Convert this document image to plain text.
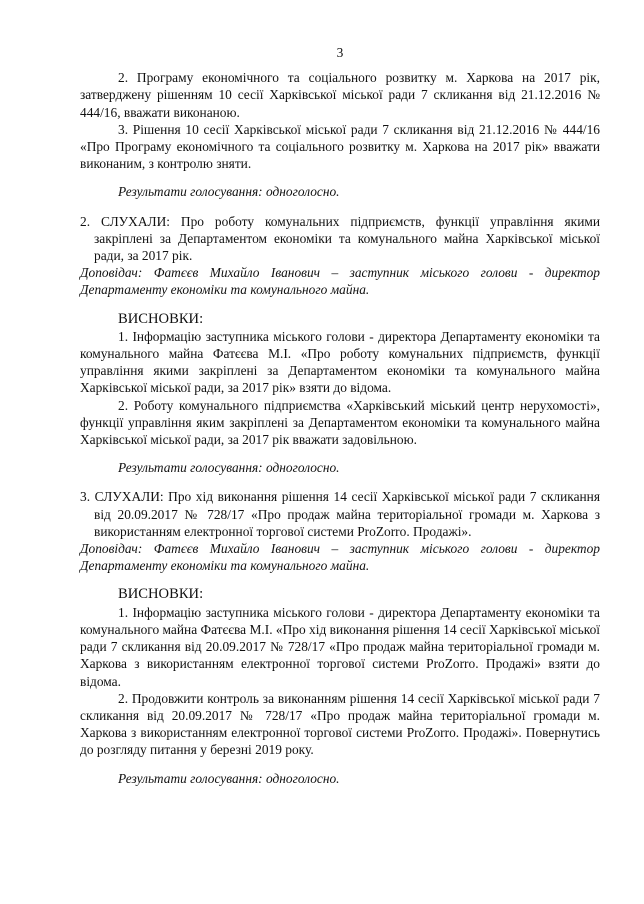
3

2. Програму економічного та соціального розвитку м. Харкова на 2017 рік, затверджену рішенням 10 сесії Харківської міської ради 7 скликання від 21.12.2016 № 444/16, вважати виконаною.

3. Рішення 10 сесії Харківської міської ради 7 скликання від 21.12.2016 № 444/16 «Про Програму економічного та соціального розвитку м. Харкова на 2017 рік» вважати виконаним, з контролю зняти.

Результати голосування: одноголосно.

2. СЛУХАЛИ: Про роботу комунальних підприємств, функції управління якими закріплені за Департаментом економіки та комунального майна Харківської міської ради, за 2017 рік.

Доповідач: Фатєєв Михайло Іванович – заступник міського голови - директор Департаменту економіки та комунального майна.

ВИСНОВКИ:

1. Інформацію заступника міського голови - директора Департаменту економіки та комунального майна Фатєєва М.І. «Про роботу комунальних підприємств, функції управління якими закріплені за Департаментом економіки та комунального майна Харківської міської ради, за 2017 рік» взяти до відома.

2. Роботу комунального підприємства «Харківський міський центр нерухомості», функції управління яким закріплені за Департаментом економіки та комунального майна Харківської міської ради, за 2017 рік вважати задовільною.

Результати голосування: одноголосно.

3. СЛУХАЛИ: Про хід виконання рішення 14 сесії Харківської міської ради 7 скликання від 20.09.2017 № 728/17 «Про продаж майна територіальної громади м. Харкова з використанням електронної торгової системи ProZorro. Продажі».

Доповідач: Фатєєв Михайло Іванович – заступник міського голови - директор Департаменту економіки та комунального майна.

ВИСНОВКИ:

1. Інформацію заступника міського голови - директора Департаменту економіки та комунального майна Фатєєва М.І. «Про хід виконання рішення 14 сесії Харківської міської ради 7 скликання від 20.09.2017 № 728/17 «Про продаж майна територіальної громади м. Харкова з використанням електронної торгової системи ProZorro. Продажі» взяти до відома.

2. Продовжити контроль за виконанням рішення 14 сесії Харківської міської ради 7 скликання від 20.09.2017 № 728/17 «Про продаж майна територіальної громади м. Харкова з використанням електронної торгової системи ProZorro. Продажі». Повернутись до розгляду питання у березні 2019 року.

Результати голосування: одноголосно.
